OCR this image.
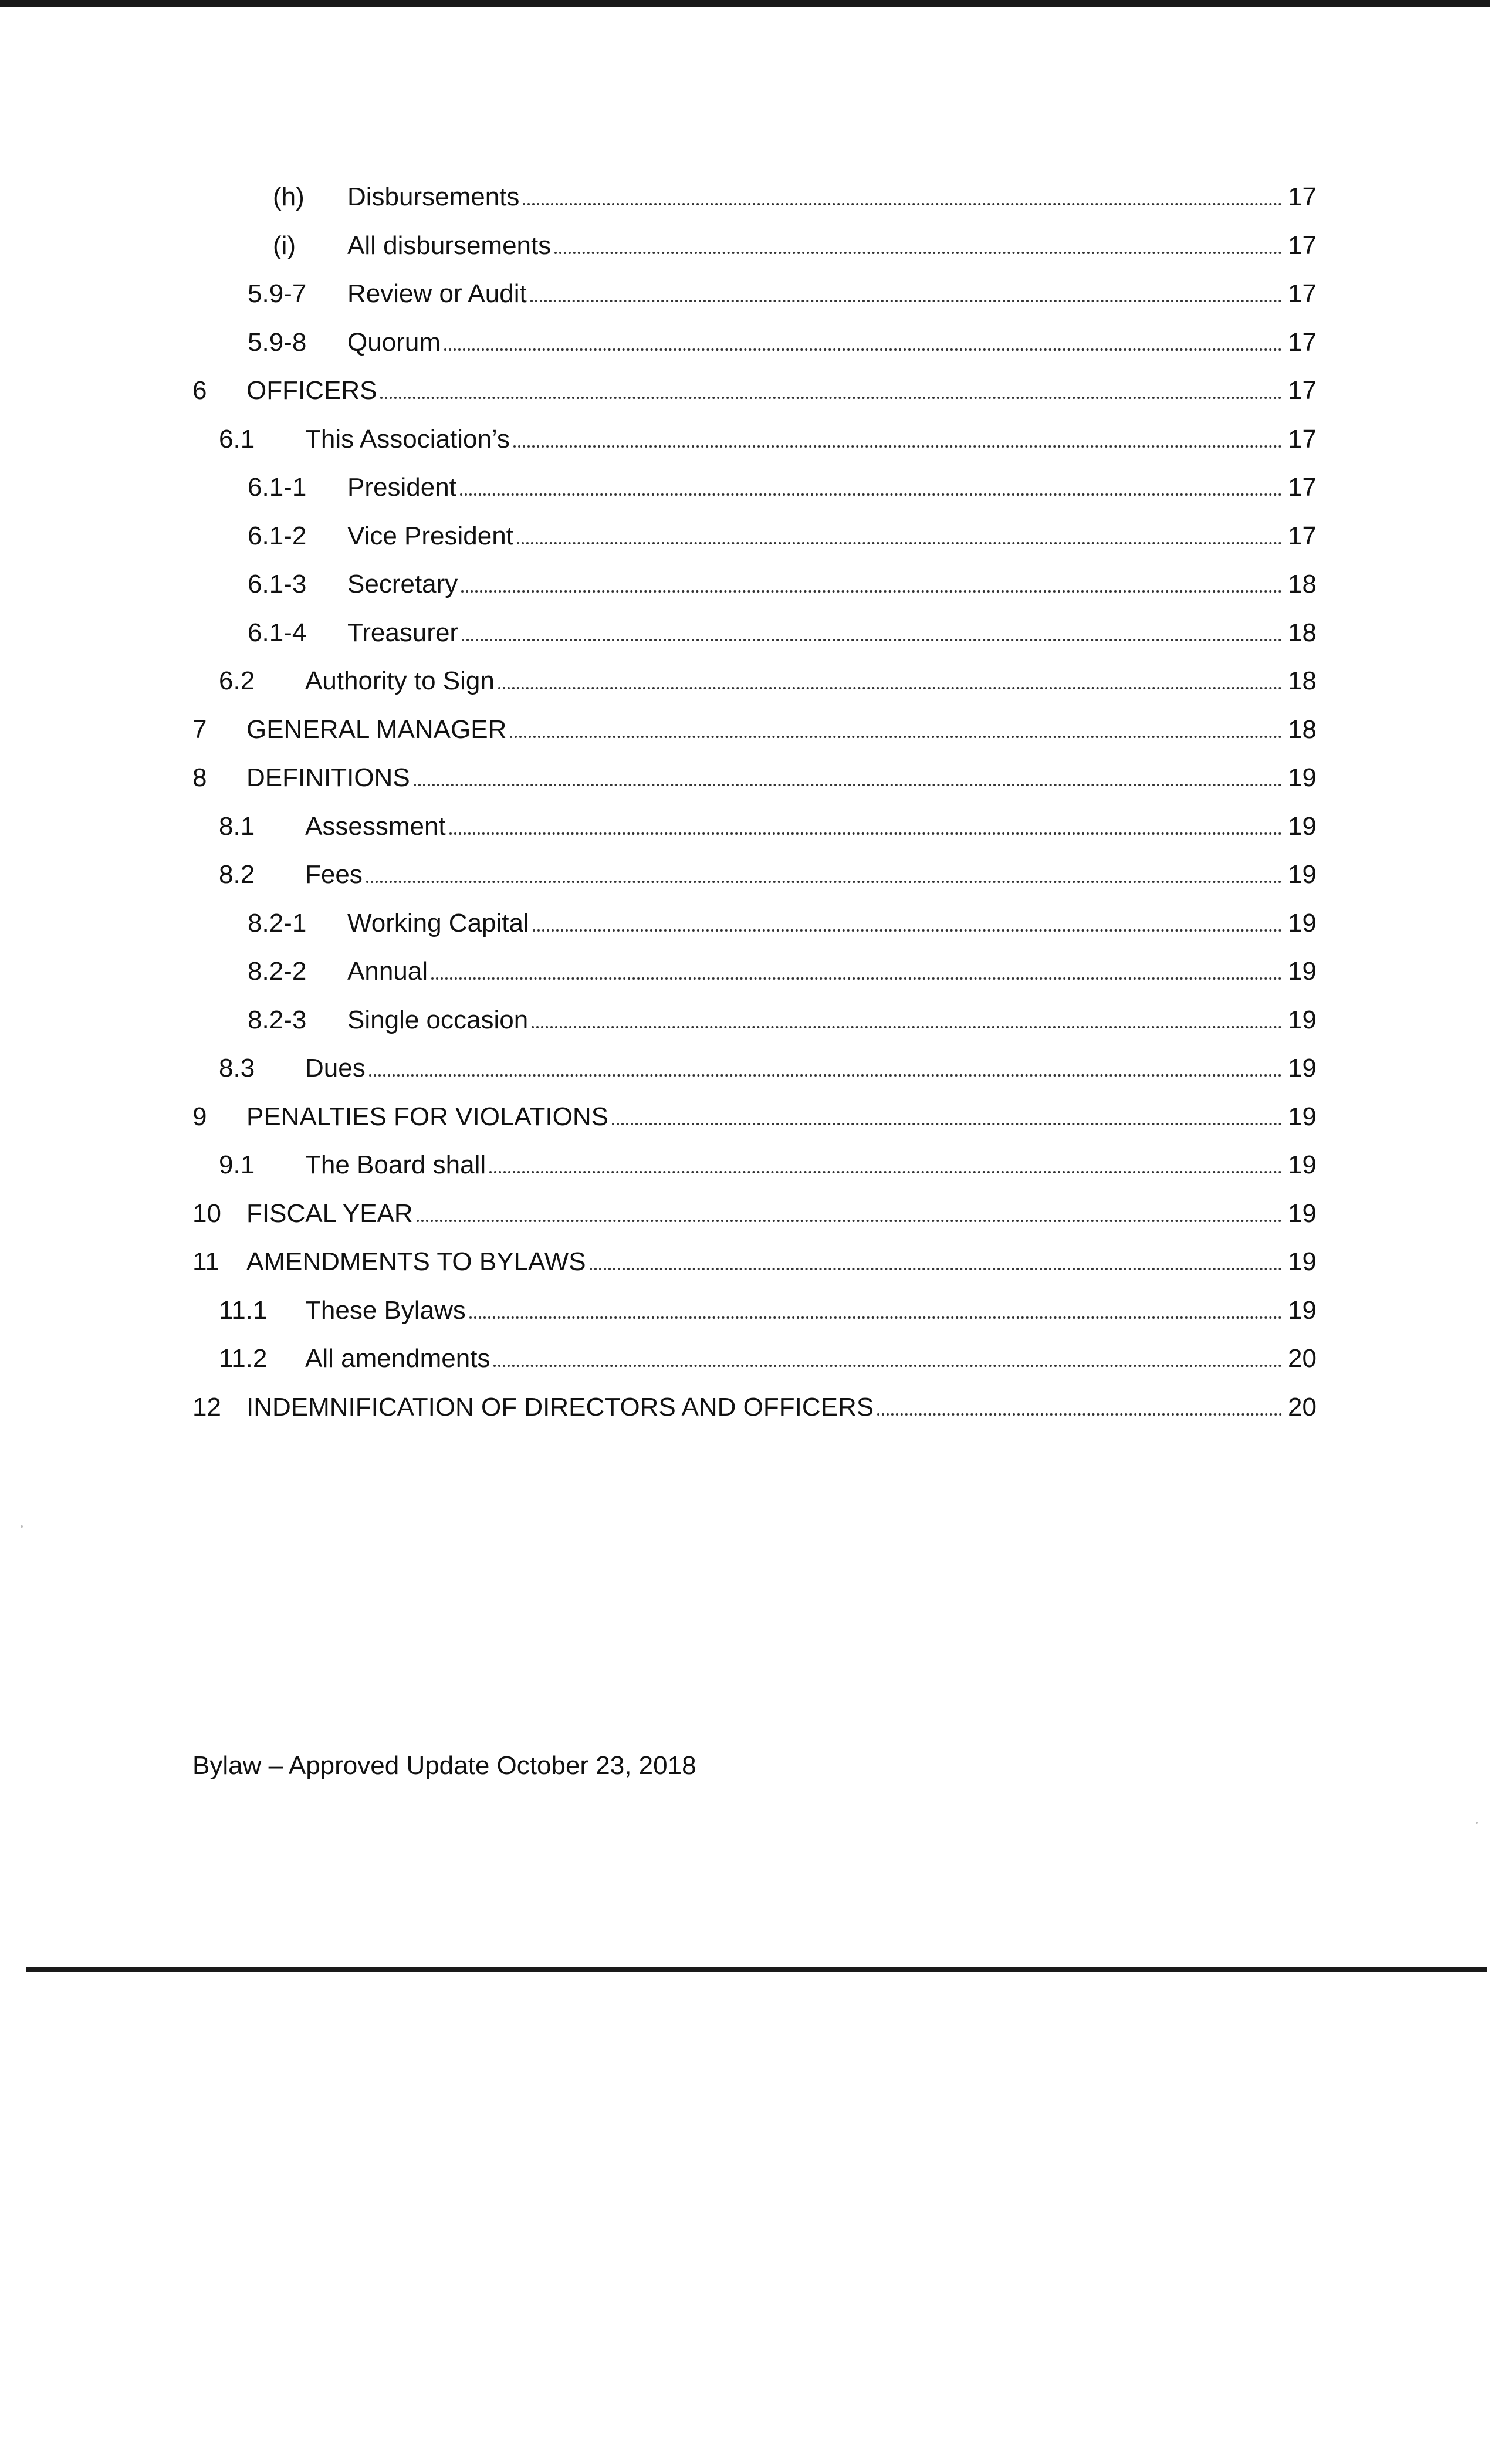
(h) Disbursements	17
(i) All disbursements	17
5.9-7 Review or Audit	17
5.9-8 Quorum	17
6 OFFICERS	17
6.1 This Association’s	17
6.1-1 President	17
6.1-2 Vice President	17
6.1-3 Secretary	18
6.1-4 Treasurer	18
6.2 Authority to Sign	18
7 GENERAL MANAGER	18
8 DEFINITIONS	19
8.1 Assessment	19
8.2 Fees	19
8.2-1 Working Capital	19
8.2-2 Annual	19
8.2-3 Single occasion	19
8.3 Dues	19
9 PENALTIES FOR VIOLATIONS	19
9.1 The Board shall	19
10 FISCAL YEAR	19
11 AMENDMENTS TO BYLAWS	19
11.1 These Bylaws	19
11.2 All amendments	20
12 INDEMNIFICATION OF DIRECTORS AND OFFICERS	20
Bylaw – Approved Update October 23, 2018
